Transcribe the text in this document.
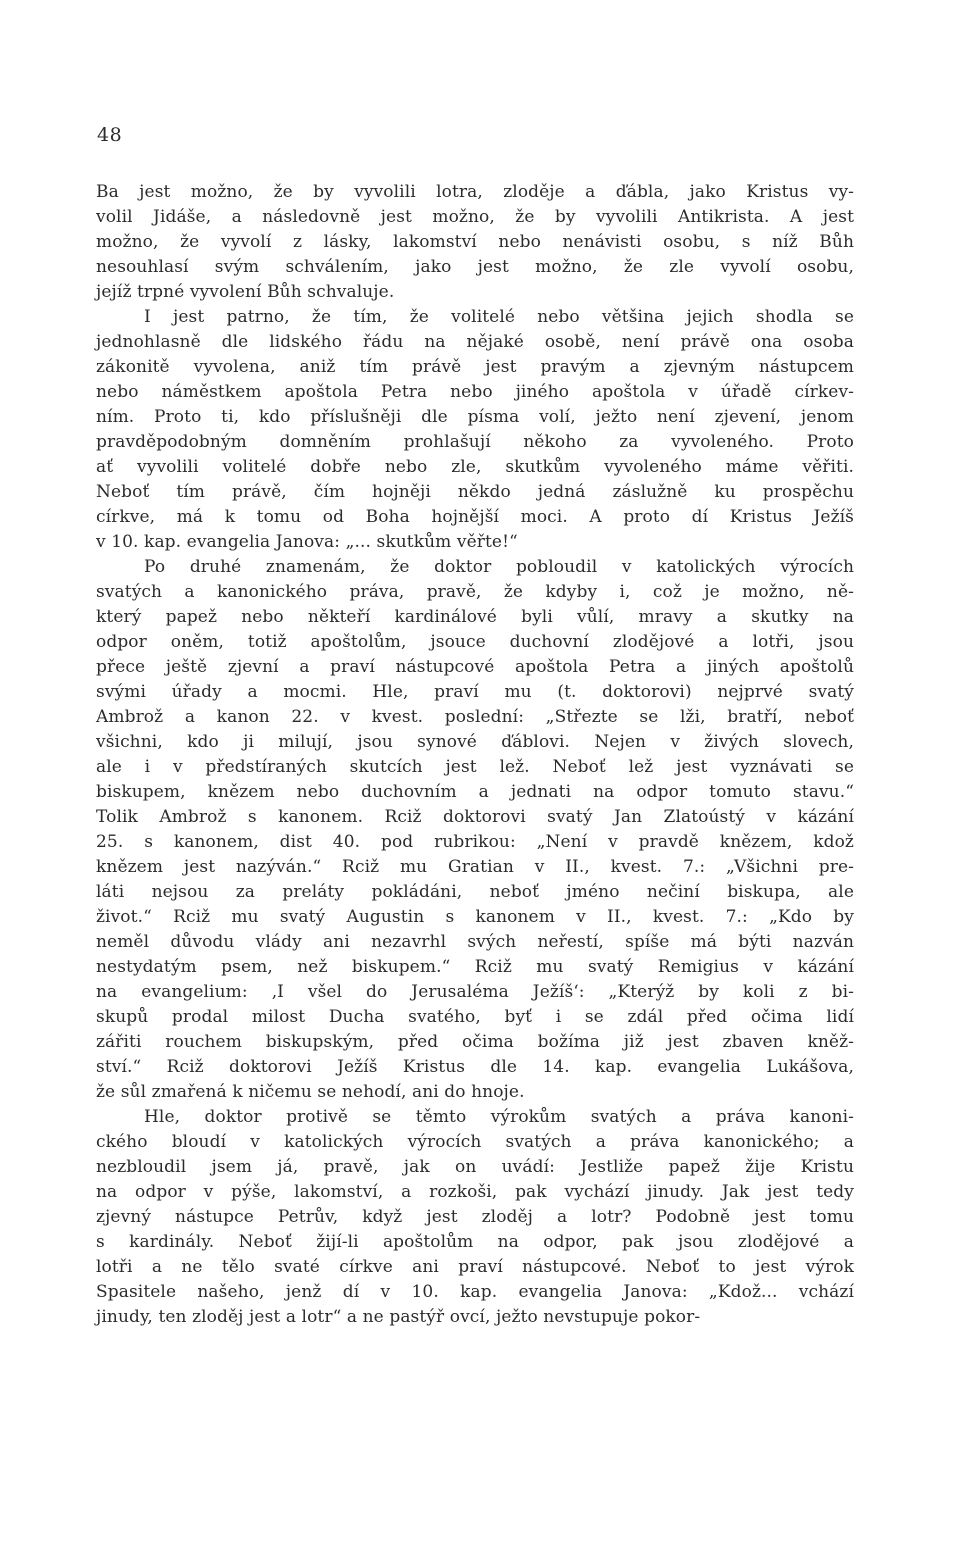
48
Ba jest možno, že by vyvolili lotra, zloděje a ďábla, jako Kristus vy-
volil Jidáše, a následovně jest možno, že by vyvolili Antikrista. A jest
možno, že vyvolí z lásky, lakomství nebo nenávisti osobu, s níž Bůh
nesouhlasí svým schválením, jako jest možno, že zle vyvolí osobu,
jejíž trpné vyvolení Bůh schvaluje.
I jest patrno, že tím, že volitelé nebo většina jejich shodla se
jednohlasně dle lidského řádu na nějaké osobě, není právě ona osoba
zákonitě vyvolena, aniž tím právě jest pravým a zjevným nástupcem
nebo náměstkem apoštola Petra nebo jiného apoštola v úřadě církev-
ním. Proto ti, kdo příslušněji dle písma volí, ježto není zjevení, jenom
pravděpodobným domněním prohlašují někoho za vyvoleného. Proto
ať vyvolili volitelé dobře nebo zle, skutkům vyvoleného máme věřiti.
Neboť tím právě, čím hojněji někdo jedná záslužně ku prospěchu
církve, má k tomu od Boha hojnější moci. A proto dí Kristus Ježíš
v 10. kap. evangelia Janova: „... skutkům věřte!“
Po druhé znamenám, že doktor pobloudil v katolických výrocích
svatých a kanonického práva, pravě, že kdyby i, což je možno, ně-
který papež nebo někteří kardinálové byli vůlí, mravy a skutky na
odpor oněm, totiž apoštolům, jsouce duchovní zlodějové a lotři, jsou
přece ještě zjevní a praví nástupcové apoštola Petra a jiných apoštolů
svými úřady a mocmi. Hle, praví mu (t. doktorovi) nejprvé svatý
Ambrož a kanon 22. v kvest. poslední: „Střezte se lži, bratří, neboť
všichni, kdo ji milují, jsou synové ďáblovi. Nejen v živých slovech,
ale i v předstíraných skutcích jest lež. Neboť lež jest vyznávati se
biskupem, knězem nebo duchovním a jednati na odpor tomuto stavu.“
Tolik Ambrož s kanonem. Rciž doktorovi svatý Jan Zlatoústý v kázání
25. s kanonem, dist 40. pod rubrikou: „Není v pravdě knězem, kdož
knězem jest nazýván.“ Rciž mu Gratian v II., kvest. 7.: „Všichni pre-
láti nejsou za preláty pokládáni, neboť jméno nečiní biskupa, ale
život.“ Rciž mu svatý Augustin s kanonem v II., kvest. 7.: „Kdo by
neměl důvodu vlády ani nezavrhl svých neřestí, spíše má býti nazván
nestydatým psem, než biskupem.“ Rciž mu svatý Remigius v kázání
na evangelium: ‚I všel do Jerusaléma Ježíš‘: „Kterýž by koli z bi-
skupů prodal milost Ducha svatého, byť i se zdál před očima lidí
zářiti rouchem biskupským, před očima božíma již jest zbaven kněž-
ství.“ Rciž doktorovi Ježíš Kristus dle 14. kap. evangelia Lukášova,
že sůl zmařená k ničemu se nehodí, ani do hnoje.
Hle, doktor protivě se těmto výrokům svatých a práva kanoni-
ckého bloudí v katolických výrocích svatých a práva kanonického; a
nezbloudil jsem já, pravě, jak on uvádí: Jestliže papež žije Kristu
na odpor v pýše, lakomství, a rozkoši, pak vychází jinudy. Jak jest tedy
zjevný nástupce Petrův, když jest zloděj a lotr? Podobně jest tomu
s kardinály. Neboť žijí-li apoštolům na odpor, pak jsou zlodějové a
lotři a ne tělo svaté církve ani praví nástupcové. Neboť to jest výrok
Spasitele našeho, jenž dí v 10. kap. evangelia Janova: „Kdož... vchází
jinudy, ten zloděj jest a lotr“ a ne pastýř ovcí, ježto nevstupuje pokor-
